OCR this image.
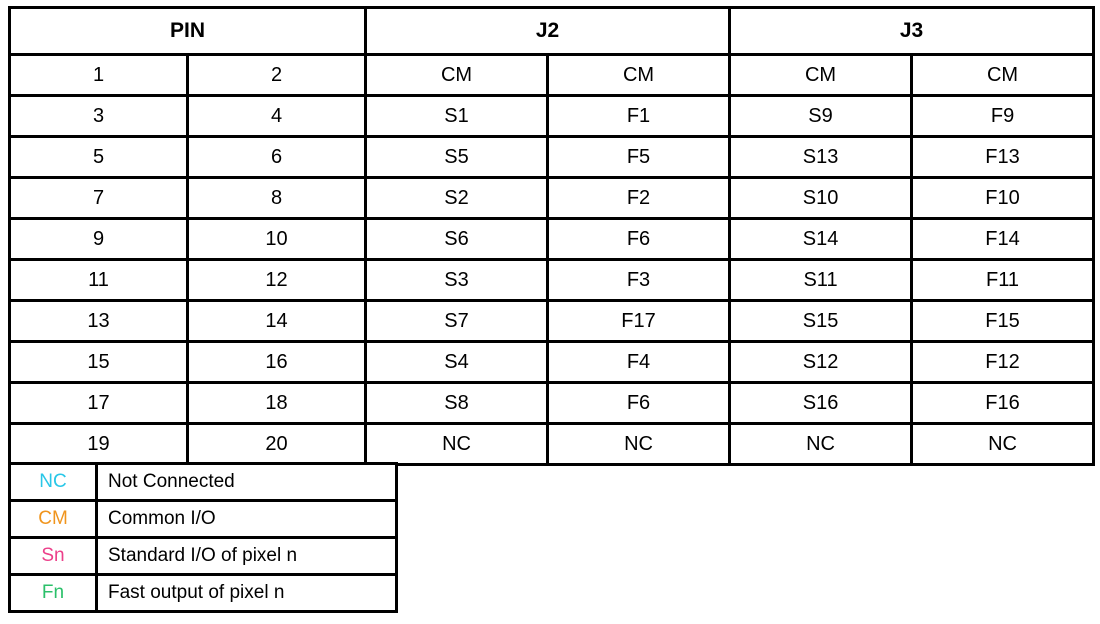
PIN		J2		J3	
1	2	CM	CM	CM	CM
3	4	S1	F1	S9	F9
5	6	S5	F5	S13	F13
7	8	S2	F2	S10	F10
9	10	S6	F6	S14	F14
11	12	S3	F3	S11	F11
13	14	S7	F17	S15	F15
15	16	S4	F4	S12	F12
17	18	S8	F6	S16	F16
19	20	NC	NC	NC	NC
NC	Not Connected
CM	Common I/O
Sn	Standard I/O of pixel n
Fn	Fast output of pixel n
